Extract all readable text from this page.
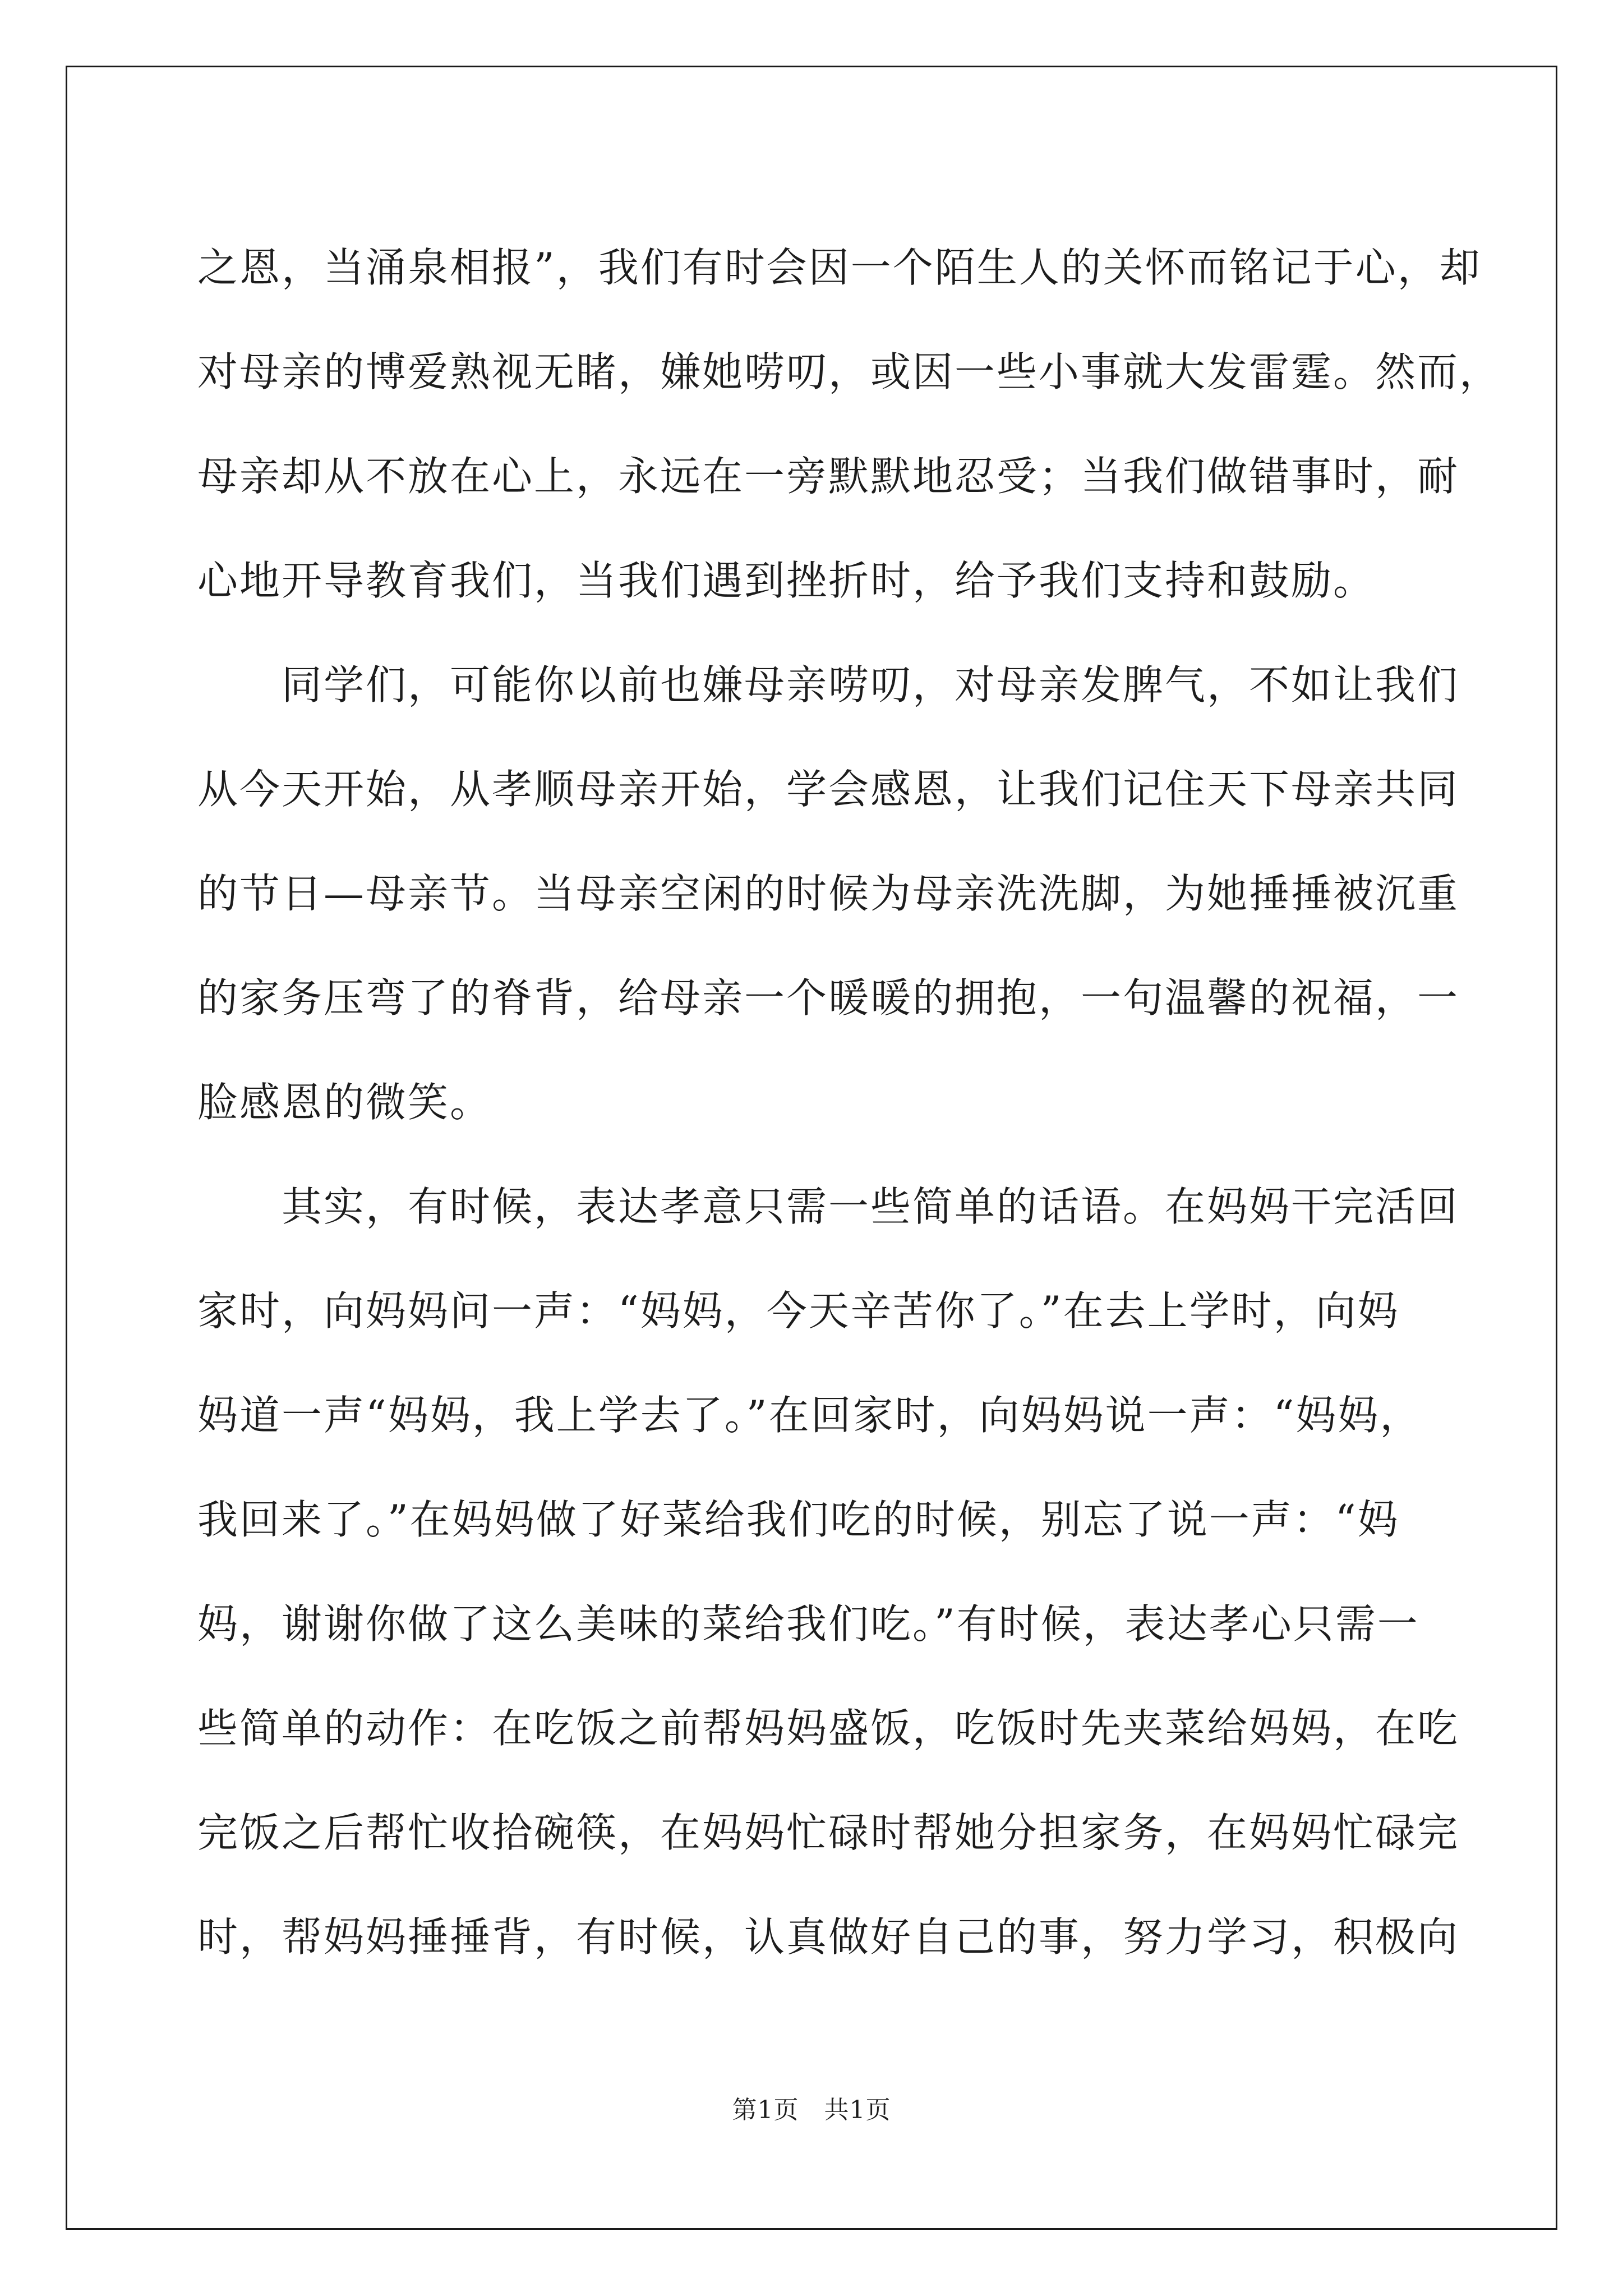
之恩，当涌泉相报”，我们有时会因一个陌生人的关怀而铭记于心，却
对母亲的博爱熟视无睹，嫌她唠叨，或因一些小事就大发雷霆。然而，
母亲却从不放在心上，永远在一旁默默地忍受；当我们做错事时，耐
心地开导教育我们，当我们遇到挫折时，给予我们支持和鼓励。
同学们，可能你以前也嫌母亲唠叨，对母亲发脾气，不如让我们
从今天开始，从孝顺母亲开始，学会感恩，让我们记住天下母亲共同
的节日—母亲节。当母亲空闲的时候为母亲洗洗脚，为她捶捶被沉重
的家务压弯了的脊背，给母亲一个暖暖的拥抱，一句温馨的祝福，一
脸感恩的微笑。
其实，有时候，表达孝意只需一些简单的话语。在妈妈干完活回
家时，向妈妈问一声：“妈妈，今天辛苦你了。”在去上学时，向妈
妈道一声“妈妈，我上学去了。”在回家时，向妈妈说一声：“妈妈，
我回来了。”在妈妈做了好菜给我们吃的时候，别忘了说一声：“妈
妈，谢谢你做了这么美味的菜给我们吃。”有时候，表达孝心只需一
些简单的动作：在吃饭之前帮妈妈盛饭，吃饭时先夹菜给妈妈，在吃
完饭之后帮忙收拾碗筷，在妈妈忙碌时帮她分担家务，在妈妈忙碌完
时，帮妈妈捶捶背，有时候，认真做好自己的事，努力学习，积极向
第1页　共1页
